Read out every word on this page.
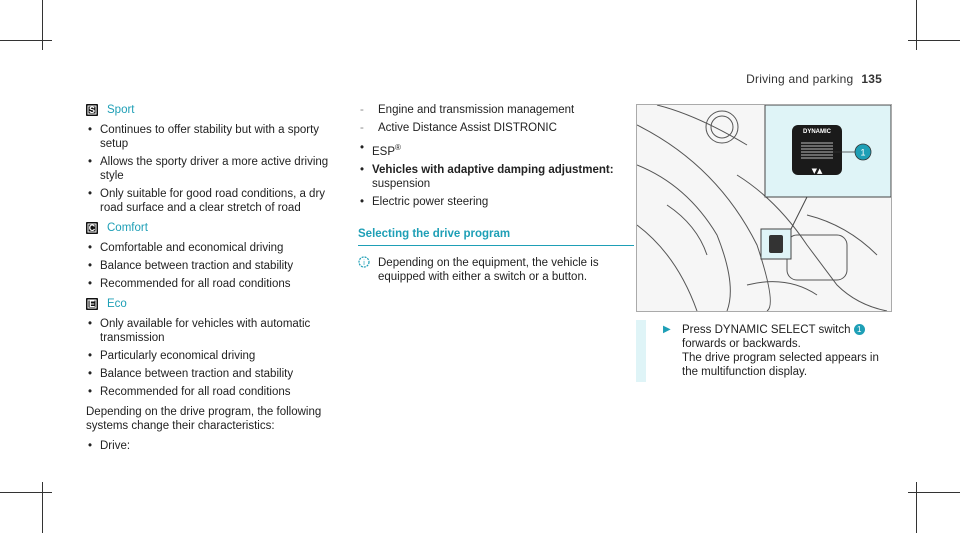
Driving and parking 135
S Sport
• Continues to offer stability but with a sporty setup
• Allows the sporty driver a more active driving style
• Only suitable for good road conditions, a dry road surface and a clear stretch of road
C Comfort
• Comfortable and economical driving
• Balance between traction and stability
• Recommended for all road conditions
E Eco
• Only available for vehicles with automatic transmission
• Particularly economical driving
• Balance between traction and stability
• Recommended for all road conditions
Depending on the drive program, the following systems change their characteristics:
• Drive:
- Engine and transmission management
- Active Distance Assist DISTRONIC
• ESP®
• Vehicles with adaptive damping adjustment: suspension
• Electric power steering
Selecting the drive program
i Depending on the equipment, the vehicle is equipped with either a switch or a button.
DYNAMIC
▼▲
1
▶ Press DYNAMIC SELECT switch 1 forwards or backwards.
The drive program selected appears in the multifunction display.
